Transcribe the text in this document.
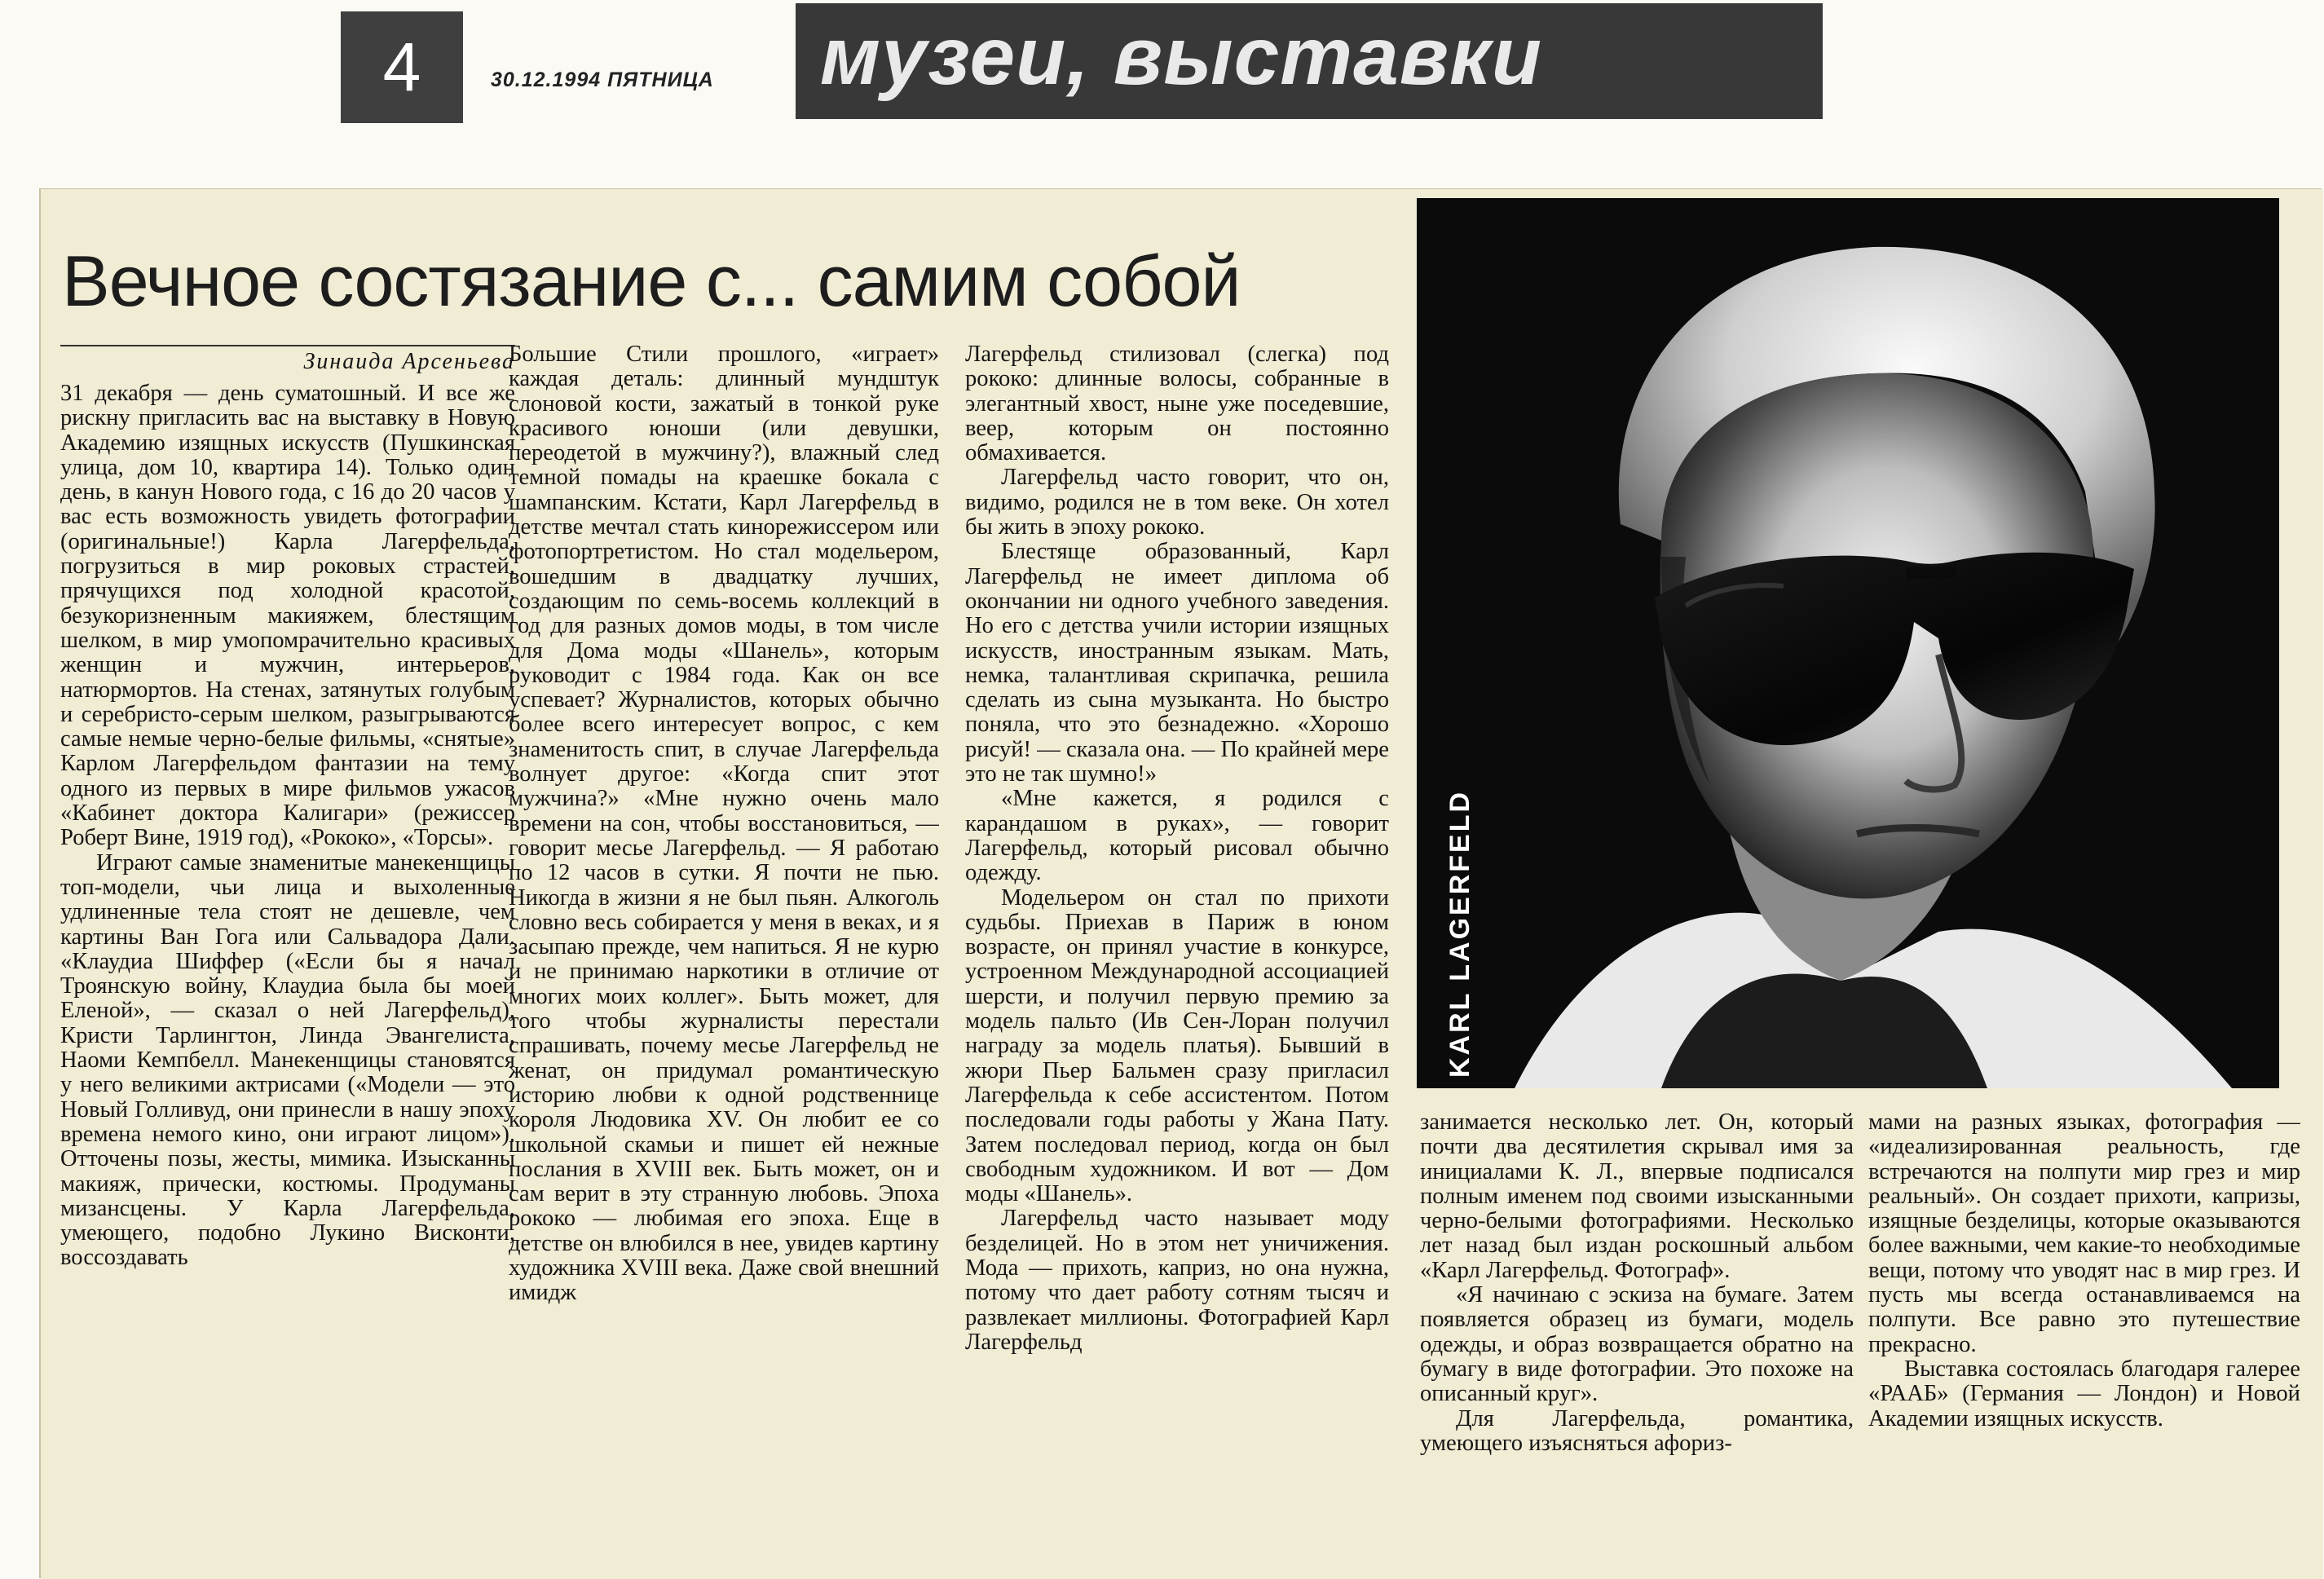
4	30.12.1994 ПЯТНИЦА	музеи, выставки
Вечное состязание с... самим собой
Зинаида Арсеньева

31 декабря — день суматошный. И все же рискну пригласить вас на выставку в Новую Академию изящных искусств (Пушкинская улица, дом 10, квартира 14). Только один день, в канун Нового года, с 16 до 20 часов у вас есть возможность увидеть фотографии (оригинальные!) Карла Лагерфельда, погрузиться в мир роковых страстей, прячущихся под холодной красотой, безукоризненным макияжем, блестящим шелком, в мир умопомрачительно красивых женщин и мужчин, интерьеров, натюрмортов. На стенах, затянутых голубым и серебристо-серым шелком, разыгрываются самые немые черно-белые фильмы, «снятые» Карлом Лагерфельдом фантазии на тему одного из первых в мире фильмов ужасов «Кабинет доктора Калигари» (режиссер Роберт Вине, 1919 год), «Рококо», «Торсы».

Играют самые знаменитые манекенщицы топ-модели, чьи лица и выхоленные удлиненные тела стоят не дешевле, чем картины Ван Гога или Сальвадора Дали. «Клаудиа Шиффер («Если бы я начал Троянскую войну, Клаудиа была бы моей Еленой», — сказал о ней Лагерфельд), Кристи Тарлингтон, Линда Эвангелиста, Наоми Кемпбелл. Манекенщицы становятся у него великими актрисами («Модели — это Новый Голливуд, они принесли в нашу эпоху времена немого кино, они играют лицом»). Отточены позы, жесты, мимика. Изысканны макияж, прически, костюмы. Продуманы мизансцены. У Карла Лагерфельда, умеющего, подобно Лукино Висконти, воссоздавать

Большие Стили прошлого, «играет» каждая деталь: длинный мундштук слоновой кости, зажатый в тонкой руке красивого юноши (или девушки, переодетой в мужчину?), влажный след темной помады на краешке бокала с шампанским. Кстати, Карл Лагерфельд в детстве мечтал стать кинорежиссером или фотопортретистом. Но стал модельером, вошедшим в двадцатку лучших, создающим по семь-восемь коллекций в год для разных домов моды, в том числе для Дома моды «Шанель», которым руководит с 1984 года. Как он все успевает? Журналистов, которых обычно более всего интересует вопрос, с кем знаменитость спит, в случае Лагерфельда волнует другое: «Когда спит этот мужчина?» «Мне нужно очень мало времени на сон, чтобы восстановиться, — говорит месье Лагерфельд. — Я работаю по 12 часов в сутки. Я почти не пью. Никогда в жизни я не был пьян. Алкоголь словно весь собирается у меня в веках, и я засыпаю прежде, чем напиться. Я не курю и не принимаю наркотики в отличие от многих моих коллег». Быть может, для того чтобы журналисты перестали спрашивать, почему месье Лагерфельд не женат, он придумал романтическую историю любви к одной родственнице короля Людовика XV. Он любит ее со школьной скамьи и пишет ей нежные послания в XVIII век. Быть может, он и сам верит в эту странную любовь. Эпоха рококо — любимая его эпоха. Еще в детстве он влюбился в нее, увидев картину художника XVIII века. Даже свой внешний имидж

Лагерфельд стилизовал (слегка) под рококо: длинные волосы, собранные в элегантный хвост, ныне уже поседевшие, веер, которым он постоянно обмахивается.

Лагерфельд часто говорит, что он, видимо, родился не в том веке. Он хотел бы жить в эпоху рококо.

Блестяще образованный, Карл Лагерфельд не имеет диплома об окончании ни одного учебного заведения. Но его с детства учили истории изящных искусств, иностранным языкам. Мать, немка, талантливая скрипачка, решила сделать из сына музыканта. Но быстро поняла, что это безнадежно. «Хорошо рисуй! — сказала она. — По крайней мере это не так шумно!»

«Мне кажется, я родился с карандашом в руках», — говорит Лагерфельд, который рисовал обычно одежду.

Модельером он стал по прихоти судьбы. Приехав в Париж в юном возрасте, он принял участие в конкурсе, устроенном Международной ассоциацией шерсти, и получил первую премию за модель пальто (Ив Сен-Лоран получил награду за модель платья). Бывший в жюри Пьер Бальмен сразу пригласил Лагерфельда к себе ассистентом. Потом последовали годы работы у Жана Пату. Затем последовал период, когда он был свободным художником. И вот — Дом моды «Шанель».

Лагерфельд часто называет моду безделицей. Но в этом нет уничижения. Мода — прихоть, каприз, но она нужна, потому что дает работу сотням тысяч и развлекает миллионы. Фотографией Карл Лагерфельд

KARL LAGERFELD

занимается несколько лет. Он, который почти два десятилетия скрывал имя за инициалами К. Л., впервые подписался полным именем под своими изысканными черно-белыми фотографиями. Несколько лет назад был издан роскошный альбом «Карл Лагерфельд. Фотограф».

«Я начинаю с эскиза на бумаге. Затем появляется образец из бумаги, модель одежды, и образ возвращается обратно на бумагу в виде фотографии. Это похоже на описанный круг».

Для Лагерфельда, романтика, умеющего изъясняться афориз-

мами на разных языках, фотография — «идеализированная реальность, где встречаются на полпути мир грез и мир реальный». Он создает прихоти, капризы, изящные безделицы, которые оказываются более важными, чем какие-то необходимые вещи, потому что уводят нас в мир грез. И пусть мы всегда останавливаемся на полпути. Все равно это путешествие прекрасно.

Выставка состоялась благодаря галерее «РААБ» (Германия — Лондон) и Новой Академии изящных искусств.
